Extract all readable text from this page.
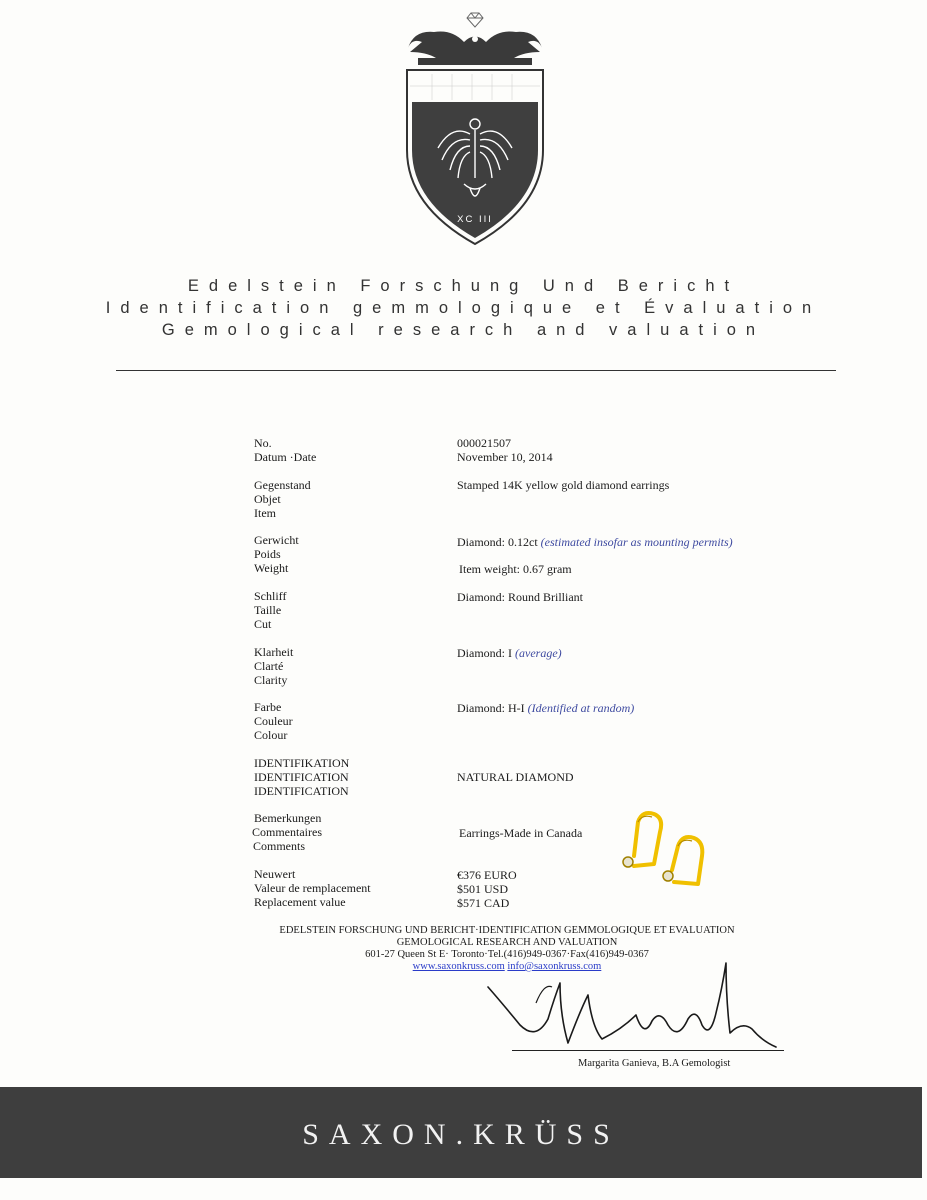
XC III
Edelstein Forschung Und Bericht
Identification gemmologique et Évaluation
Gemological research and valuation
No.
Datum ·Date
000021507
November 10, 2014
Gegenstand
Objet
Item
Stamped 14K yellow gold diamond earrings
Gerwicht
Poids
Weight
Diamond: 0.12ct (estimated insofar as mounting permits)
Item weight: 0.67 gram
Schliff
Taille
Cut
Diamond: Round Brilliant
Klarheit
Clarté
Clarity
Diamond: I (average)
Farbe
Couleur
Colour
Diamond: H-I (Identified at random)
IDENTIFIKATION
IDENTIFICATION
IDENTIFICATION
NATURAL DIAMOND
Bemerkungen
Commentaires
Comments
Earrings-Made in Canada
Neuwert
Valeur de remplacement
Replacement value
€376 EURO
$501 USD
$571 CAD
EDELSTEIN FORSCHUNG UND BERICHT·IDENTIFICATION GEMMOLOGIQUE ET EVALUATION
GEMOLOGICAL RESEARCH AND VALUATION
601-27 Queen St E· Toronto·Tel.(416)949-0367·Fax(416)949-0367
www.saxonkruss.com info@saxonkruss.com
Margarita Ganieva, B.A Gemologist
SAXON.KRÜSS
